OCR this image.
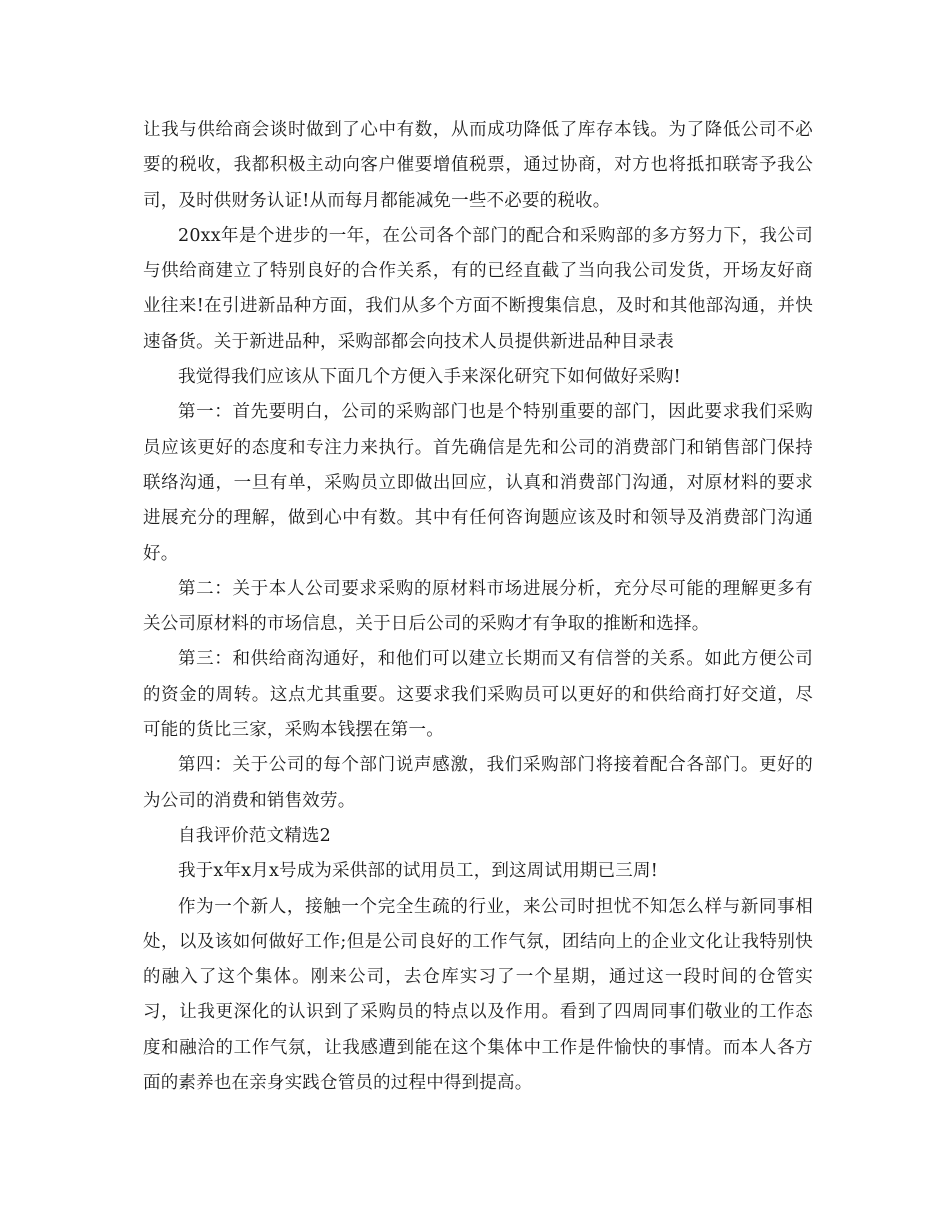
让我与供给商会谈时做到了心中有数，从而成功降低了库存本钱。为了降低公司不必要的税收，我都积极主动向客户催要增值税票，通过协商，对方也将抵扣联寄予我公司，及时供财务认证!从而每月都能减免一些不必要的税收。

20xx年是个进步的一年，在公司各个部门的配合和采购部的多方努力下，我公司与供给商建立了特别良好的合作关系，有的已经直截了当向我公司发货，开场友好商业往来!在引进新品种方面，我们从多个方面不断搜集信息，及时和其他部沟通，并快速备货。关于新进品种，采购部都会向技术人员提供新进品种目录表

我觉得我们应该从下面几个方便入手来深化研究下如何做好采购!

第一：首先要明白，公司的采购部门也是个特别重要的部门，因此要求我们采购员应该更好的态度和专注力来执行。首先确信是先和公司的消费部门和销售部门保持联络沟通，一旦有单，采购员立即做出回应，认真和消费部门沟通，对原材料的要求进展充分的理解，做到心中有数。其中有任何咨询题应该及时和领导及消费部门沟通好。

第二：关于本人公司要求采购的原材料市场进展分析，充分尽可能的理解更多有关公司原材料的市场信息，关于日后公司的采购才有争取的推断和选择。

第三：和供给商沟通好，和他们可以建立长期而又有信誉的关系。如此方便公司的资金的周转。这点尤其重要。这要求我们采购员可以更好的和供给商打好交道，尽可能的货比三家，采购本钱摆在第一。

第四：关于公司的每个部门说声感激，我们采购部门将接着配合各部门。更好的为公司的消费和销售效劳。

自我评价范文精选2

我于x年x月x号成为采供部的试用员工，到这周试用期已三周!

作为一个新人，接触一个完全生疏的行业，来公司时担忧不知怎么样与新同事相处，以及该如何做好工作;但是公司良好的工作气氛，团结向上的企业文化让我特别快的融入了这个集体。刚来公司，去仓库实习了一个星期，通过这一段时间的仓管实习，让我更深化的认识到了采购员的特点以及作用。看到了四周同事们敬业的工作态度和融洽的工作气氛，让我感遭到能在这个集体中工作是件愉快的事情。而本人各方面的素养也在亲身实践仓管员的过程中得到提高。
